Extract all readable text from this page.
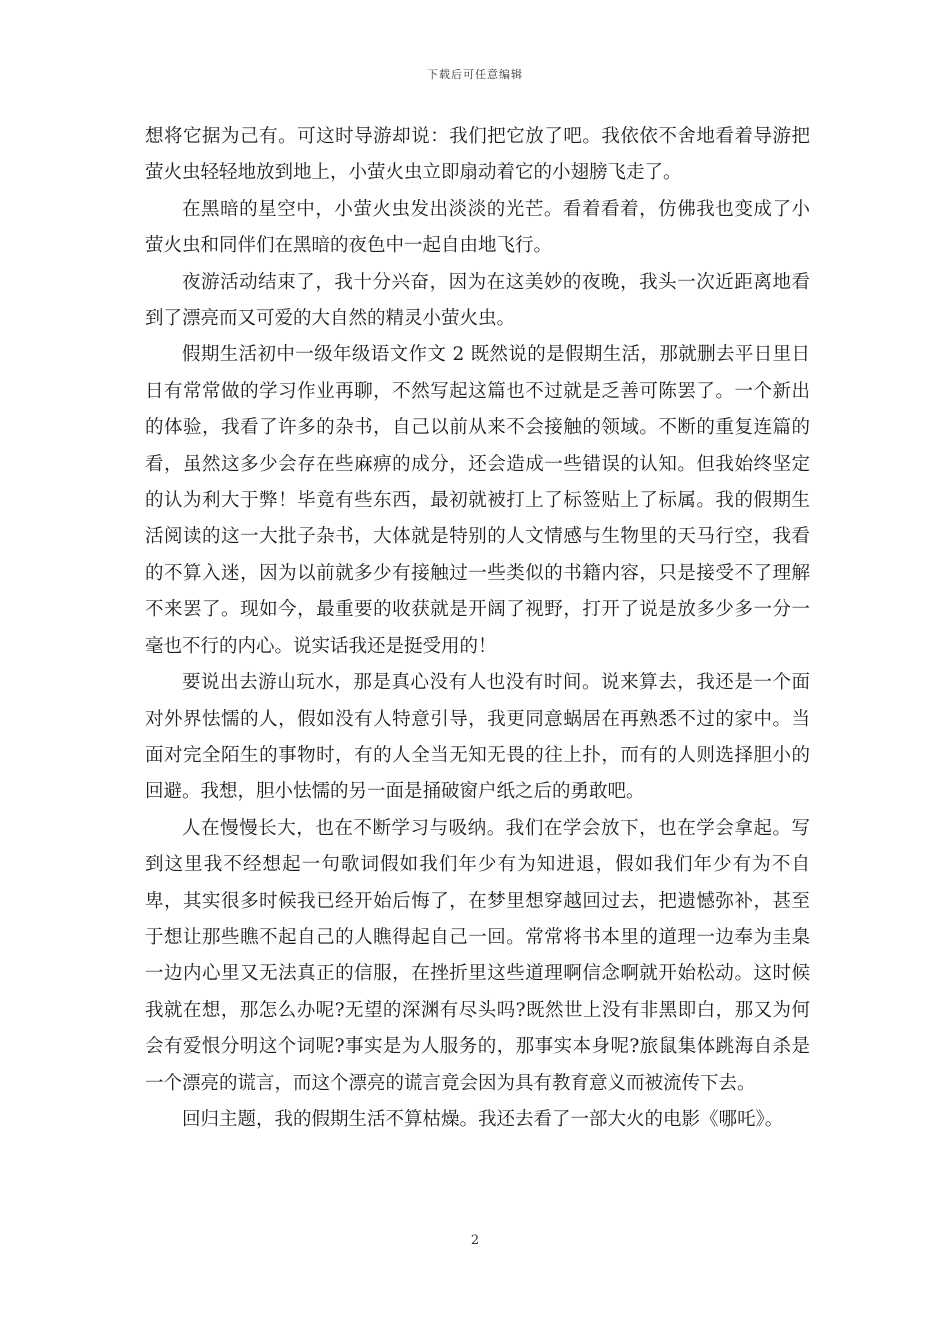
下载后可任意编辑

想将它据为己有。可这时导游却说：我们把它放了吧。我依依不舍地看着导游把萤火虫轻轻地放到地上，小萤火虫立即扇动着它的小翅膀飞走了。

在黑暗的星空中，小萤火虫发出淡淡的光芒。看着看着，仿佛我也变成了小萤火虫和同伴们在黑暗的夜色中一起自由地飞行。

夜游活动结束了，我十分兴奋，因为在这美妙的夜晚，我头一次近距离地看到了漂亮而又可爱的大自然的精灵小萤火虫。

假期生活初中一级年级语文作文 2 既然说的是假期生活，那就删去平日里日日有常常做的学习作业再聊，不然写起这篇也不过就是乏善可陈罢了。一个新出的体验，我看了许多的杂书，自己以前从来不会接触的领域。不断的重复连篇的看，虽然这多少会存在些麻痹的成分，还会造成一些错误的认知。但我始终坚定的认为利大于弊！毕竟有些东西，最初就被打上了标签贴上了标属。我的假期生活阅读的这一大批子杂书，大体就是特别的人文情感与生物里的天马行空，我看的不算入迷，因为以前就多少有接触过一些类似的书籍内容，只是接受不了理解不来罢了。现如今，最重要的收获就是开阔了视野，打开了说是放多少多一分一毫也不行的内心。说实话我还是挺受用的！

要说出去游山玩水，那是真心没有人也没有时间。说来算去，我还是一个面对外界怯懦的人，假如没有人特意引导，我更同意蜗居在再熟悉不过的家中。当面对完全陌生的事物时，有的人全当无知无畏的往上扑，而有的人则选择胆小的回避。我想，胆小怯懦的另一面是捅破窗户纸之后的勇敢吧。

人在慢慢长大，也在不断学习与吸纳。我们在学会放下，也在学会拿起。写到这里我不经想起一句歌词假如我们年少有为知进退，假如我们年少有为不自卑，其实很多时候我已经开始后悔了，在梦里想穿越回过去，把遗憾弥补，甚至于想让那些瞧不起自己的人瞧得起自己一回。常常将书本里的道理一边奉为圭臬一边内心里又无法真正的信服，在挫折里这些道理啊信念啊就开始松动。这时候我就在想，那怎么办呢?无望的深渊有尽头吗?既然世上没有非黑即白，那又为何会有爱恨分明这个词呢?事实是为人服务的，那事实本身呢?旅鼠集体跳海自杀是一个漂亮的谎言，而这个漂亮的谎言竟会因为具有教育意义而被流传下去。

回归主题，我的假期生活不算枯燥。我还去看了一部大火的电影《哪吒》。

2
